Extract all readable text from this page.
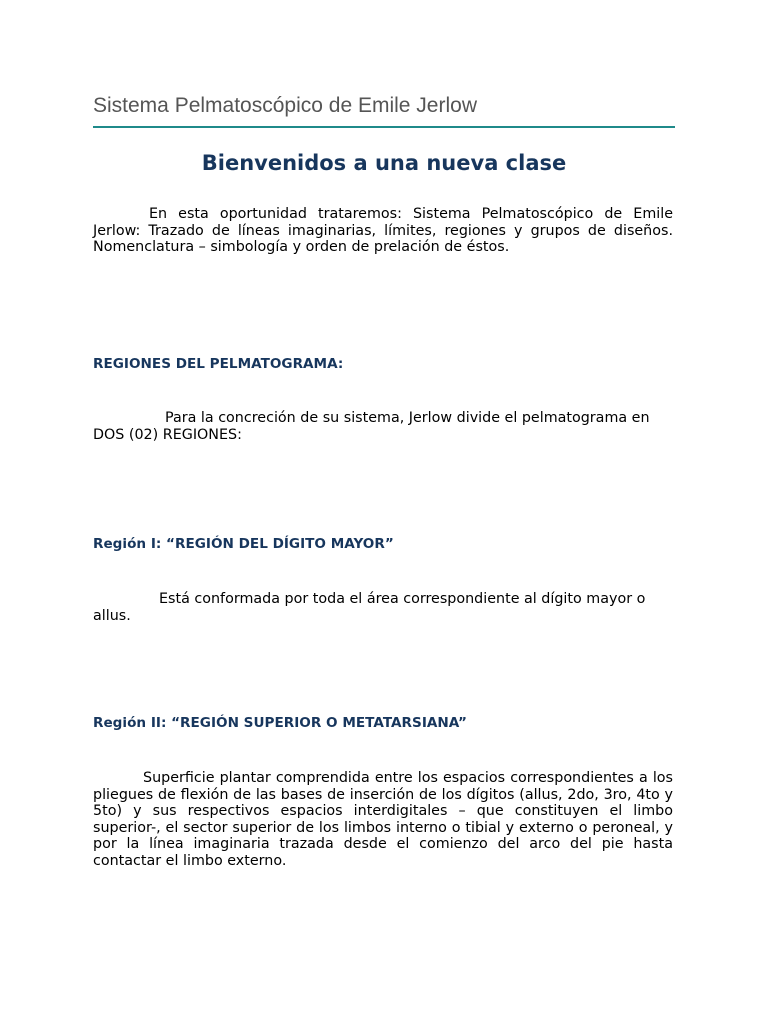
Sistema Pelmatoscópico de Emile Jerlow
Bienvenidos a una nueva clase

En esta oportunidad trataremos: Sistema Pelmatoscópico de Emile Jerlow: Trazado de líneas imaginarias, límites, regiones y grupos de diseños. Nomenclatura – simbología y orden de prelación de éstos.

REGIONES DEL PELMATOGRAMA:

Para la concreción de su sistema, Jerlow divide el pelmatograma en DOS (02) REGIONES:

Región I: “REGIÓN DEL DÍGITO MAYOR”

Está conformada por toda el área correspondiente al dígito mayor o allus.

Región II: “REGIÓN SUPERIOR O METATARSIANA”

Superficie plantar comprendida entre los espacios correspondientes a los pliegues de flexión de las bases de inserción de los dígitos (allus, 2do, 3ro, 4to y 5to) y sus respectivos espacios interdigitales – que constituyen el limbo superior-, el sector superior de los limbos interno o tibial y externo o peroneal, y por la línea imaginaria trazada desde el comienzo del arco del pie hasta contactar el limbo externo.
